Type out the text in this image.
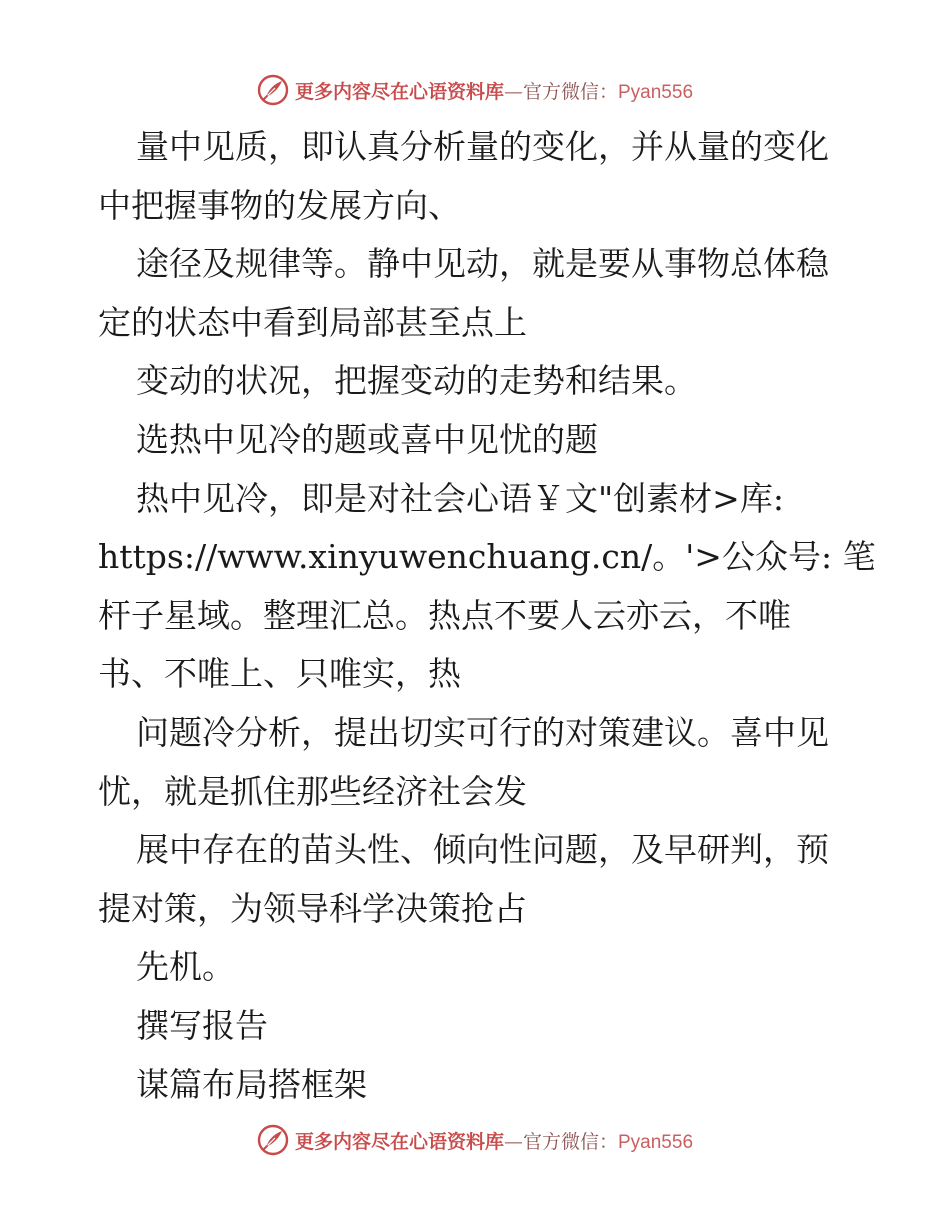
更多内容尽在心语资料库—官方微信：Pyan556
量中见质，即认真分析量的变化，并从量的变化
中把握事物的发展方向、
途径及规律等。静中见动，就是要从事物总体稳
定的状态中看到局部甚至点上
变动的状况，把握变动的走势和结果。
选热中见冷的题或喜中见忧的题
热中见冷，即是对社会心语￥文"创素材>库:
https://www.xinyuwenchuang.cn/。'>公众号: 笔
杆子星域。整理汇总。热点不要人云亦云，不唯
书、不唯上、只唯实，热
问题冷分析，提出切实可行的对策建议。喜中见
忧，就是抓住那些经济社会发
展中存在的苗头性、倾向性问题，及早研判，预
提对策，为领导科学决策抢占
先机。
撰写报告
谋篇布局搭框架
更多内容尽在心语资料库—官方微信：Pyan556
